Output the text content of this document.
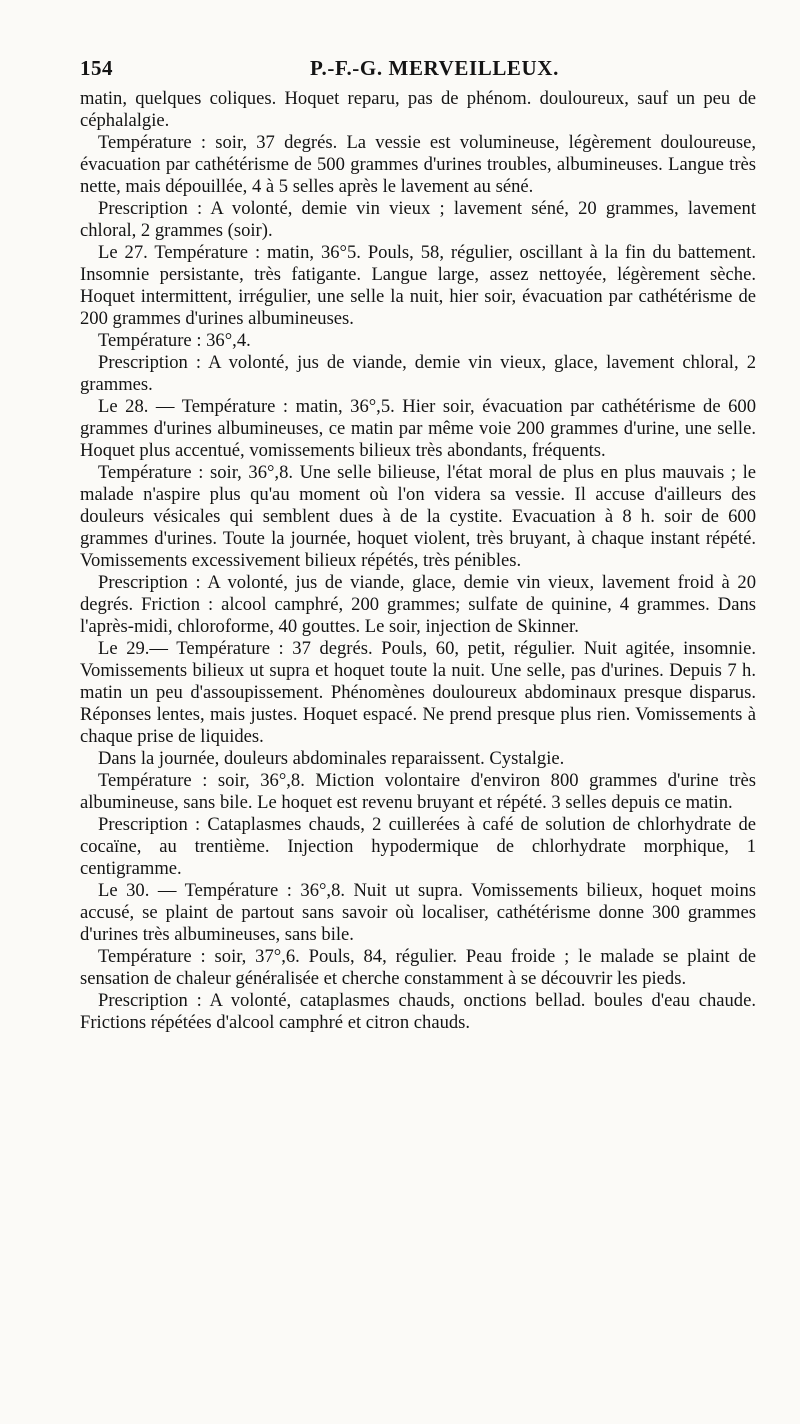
154	P.-F.-G. MERVEILLEUX.

matin, quelques coliques. Hoquet reparu, pas de phénom. douloureux, sauf un peu de céphalalgie.

Température : soir, 37 degrés. La vessie est volumineuse, légèrement douloureuse, évacuation par cathétérisme de 500 grammes d'urines troubles, albumineuses. Langue très nette, mais dépouillée, 4 à 5 selles après le lavement au séné.

Prescription : A volonté, demie vin vieux ; lavement séné, 20 grammes, lavement chloral, 2 grammes (soir).

Le 27. Température : matin, 36°5. Pouls, 58, régulier, oscillant à la fin du battement. Insomnie persistante, très fatigante. Langue large, assez nettoyée, légèrement sèche. Hoquet intermittent, irrégulier, une selle la nuit, hier soir, évacuation par cathétérisme de 200 grammes d'urines albumineuses.

Température : 36°,4.

Prescription : A volonté, jus de viande, demie vin vieux, glace, lavement chloral, 2 grammes.

Le 28. — Température : matin, 36°,5. Hier soir, évacuation par cathétérisme de 600 grammes d'urines albumineuses, ce matin par même voie 200 grammes d'urine, une selle. Hoquet plus accentué, vomissements bilieux très abondants, fréquents.

Température : soir, 36°,8. Une selle bilieuse, l'état moral de plus en plus mauvais ; le malade n'aspire plus qu'au moment où l'on videra sa vessie. Il accuse d'ailleurs des douleurs vésicales qui semblent dues à de la cystite. Evacuation à 8 h. soir de 600 grammes d'urines. Toute la journée, hoquet violent, très bruyant, à chaque instant répété. Vomissements excessivement bilieux répétés, très pénibles.

Prescription : A volonté, jus de viande, glace, demie vin vieux, lavement froid à 20 degrés. Friction : alcool camphré, 200 grammes; sulfate de quinine, 4 grammes. Dans l'après-midi, chloroforme, 40 gouttes. Le soir, injection de Skinner.

Le 29.— Température : 37 degrés. Pouls, 60, petit, régulier. Nuit agitée, insomnie. Vomissements bilieux ut supra et hoquet toute la nuit. Une selle, pas d'urines. Depuis 7 h. matin un peu d'assoupissement. Phénomènes douloureux abdominaux presque disparus. Réponses lentes, mais justes. Hoquet espacé. Ne prend presque plus rien. Vomissements à chaque prise de liquides.

Dans la journée, douleurs abdominales reparaissent. Cystalgie.

Température : soir, 36°,8. Miction volontaire d'environ 800 grammes d'urine très albumineuse, sans bile. Le hoquet est revenu bruyant et répété. 3 selles depuis ce matin.

Prescription : Cataplasmes chauds, 2 cuillerées à café de solution de chlorhydrate de cocaïne, au trentième. Injection hypodermique de chlorhydrate morphique, 1 centigramme.

Le 30. — Température : 36°,8. Nuit ut supra. Vomissements bilieux, hoquet moins accusé, se plaint de partout sans savoir où localiser, cathétérisme donne 300 grammes d'urines très albumineuses, sans bile.

Température : soir, 37°,6. Pouls, 84, régulier. Peau froide ; le malade se plaint de sensation de chaleur généralisée et cherche constamment à se découvrir les pieds.

Prescription : A volonté, cataplasmes chauds, onctions bellad. boules d'eau chaude. Frictions répétées d'alcool camphré et citron chauds.
